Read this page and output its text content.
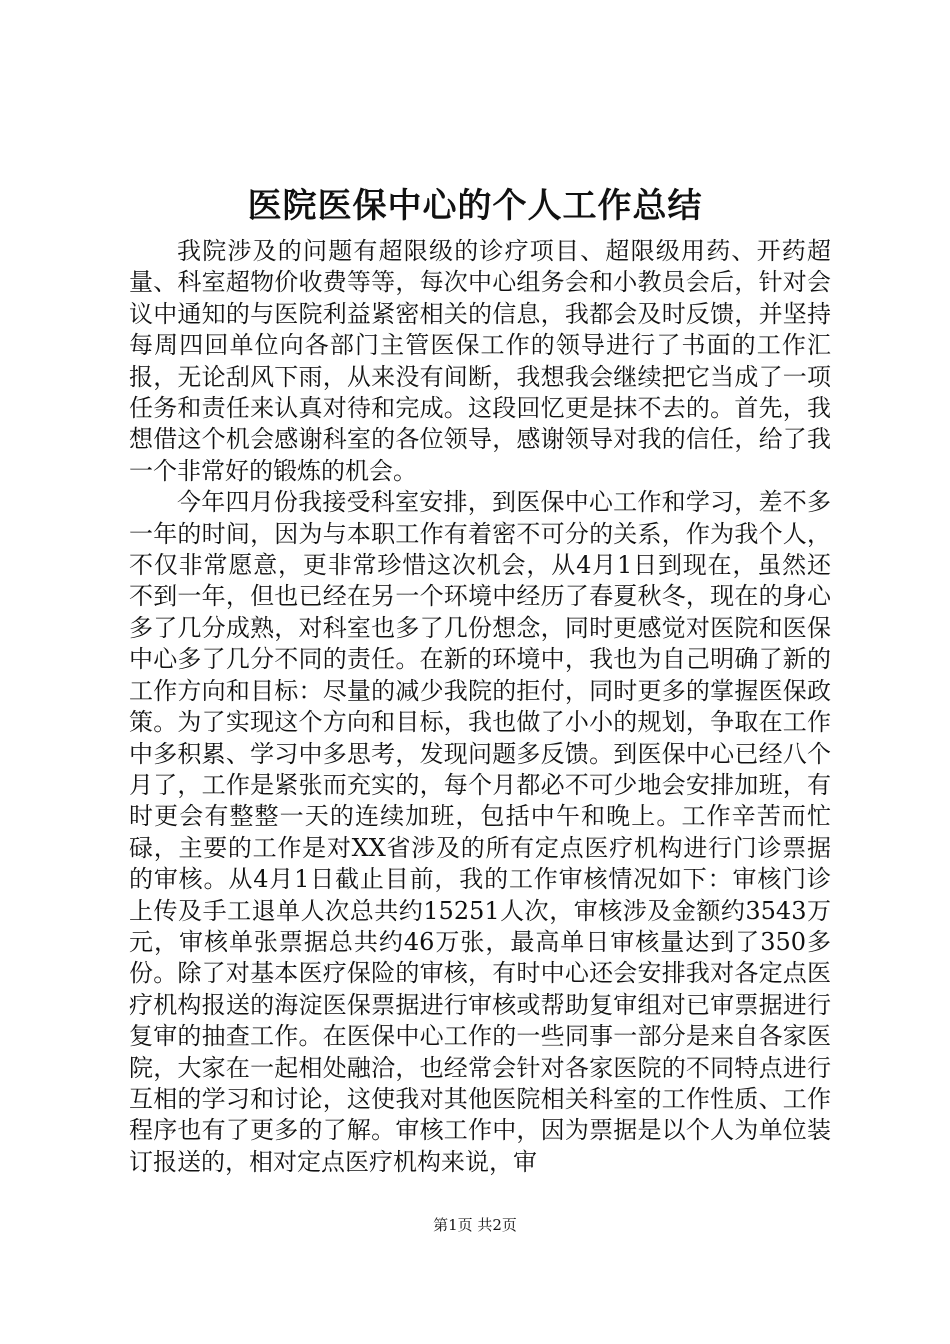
医院医保中心的个人工作总结

我院涉及的问题有超限级的诊疗项目、超限级用药、开药超量、科室超物价收费等等，每次中心组务会和小教员会后，针对会议中通知的与医院利益紧密相关的信息，我都会及时反馈，并坚持每周四回单位向各部门主管医保工作的领导进行了书面的工作汇报，无论刮风下雨，从来没有间断，我想我会继续把它当成了一项任务和责任来认真对待和完成。这段回忆更是抹不去的。首先，我想借这个机会感谢科室的各位领导，感谢领导对我的信任，给了我一个非常好的锻炼的机会。

今年四月份我接受科室安排，到医保中心工作和学习，差不多一年的时间，因为与本职工作有着密不可分的关系，作为我个人，不仅非常愿意，更非常珍惜这次机会，从4月1日到现在，虽然还不到一年，但也已经在另一个环境中经历了春夏秋冬，现在的身心多了几分成熟，对科室也多了几份想念，同时更感觉对医院和医保中心多了几分不同的责任。在新的环境中，我也为自己明确了新的工作方向和目标：尽量的减少我院的拒付，同时更多的掌握医保政策。为了实现这个方向和目标，我也做了小小的规划，争取在工作中多积累、学习中多思考，发现问题多反馈。到医保中心已经八个月了，工作是紧张而充实的，每个月都必不可少地会安排加班，有时更会有整整一天的连续加班，包括中午和晚上。工作辛苦而忙碌，主要的工作是对XX省涉及的所有定点医疗机构进行门诊票据的审核。从4月1日截止目前，我的工作审核情况如下：审核门诊上传及手工退单人次总共约15251人次，审核涉及金额约3543万元，审核单张票据总共约46万张，最高单日审核量达到了350多份。除了对基本医疗保险的审核，有时中心还会安排我对各定点医疗机构报送的海淀医保票据进行审核或帮助复审组对已审票据进行复审的抽查工作。在医保中心工作的一些同事一部分是来自各家医院，大家在一起相处融洽，也经常会针对各家医院的不同特点进行互相的学习和讨论，这使我对其他医院相关科室的工作性质、工作程序也有了更多的了解。审核工作中，因为票据是以个人为单位装订报送的，相对定点医疗机构来说，审

第1页 共2页
